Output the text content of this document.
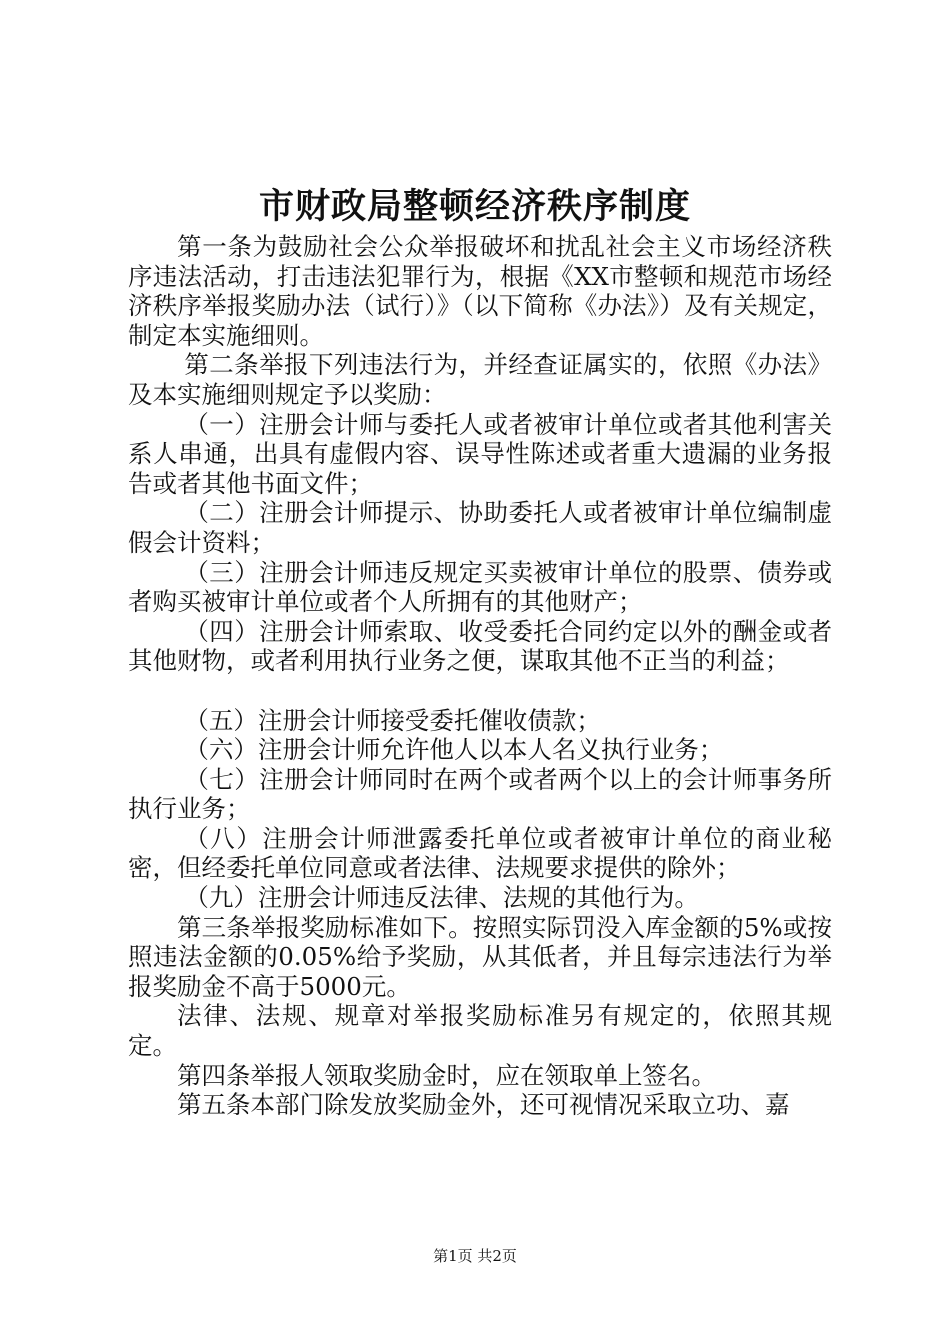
市财政局整顿经济秩序制度

第一条为鼓励社会公众举报破坏和扰乱社会主义市场经济秩序违法活动，打击违法犯罪行为，根据《XX市整顿和规范市场经济秩序举报奖励办法（试行）》（以下简称《办法》）及有关规定，制定本实施细则。

第二条举报下列违法行为，并经查证属实的，依照《办法》及本实施细则规定予以奖励：

（一）注册会计师与委托人或者被审计单位或者其他利害关系人串通，出具有虚假内容、误导性陈述或者重大遗漏的业务报告或者其他书面文件；

（二）注册会计师提示、协助委托人或者被审计单位编制虚假会计资料；

（三）注册会计师违反规定买卖被审计单位的股票、债券或者购买被审计单位或者个人所拥有的其他财产；

（四）注册会计师索取、收受委托合同约定以外的酬金或者其他财物，或者利用执行业务之便，谋取其他不正当的利益；

（五）注册会计师接受委托催收债款；

（六）注册会计师允许他人以本人名义执行业务；

（七）注册会计师同时在两个或者两个以上的会计师事务所执行业务；

（八）注册会计师泄露委托单位或者被审计单位的商业秘密，但经委托单位同意或者法律、法规要求提供的除外；

（九）注册会计师违反法律、法规的其他行为。

第三条举报奖励标准如下。按照实际罚没入库金额的5%或按照违法金额的0.05%给予奖励，从其低者，并且每宗违法行为举报奖励金不高于5000元。

法律、法规、规章对举报奖励标准另有规定的，依照其规定。

第四条举报人领取奖励金时，应在领取单上签名。

第五条本部门除发放奖励金外，还可视情况采取立功、嘉

第1页 共2页
